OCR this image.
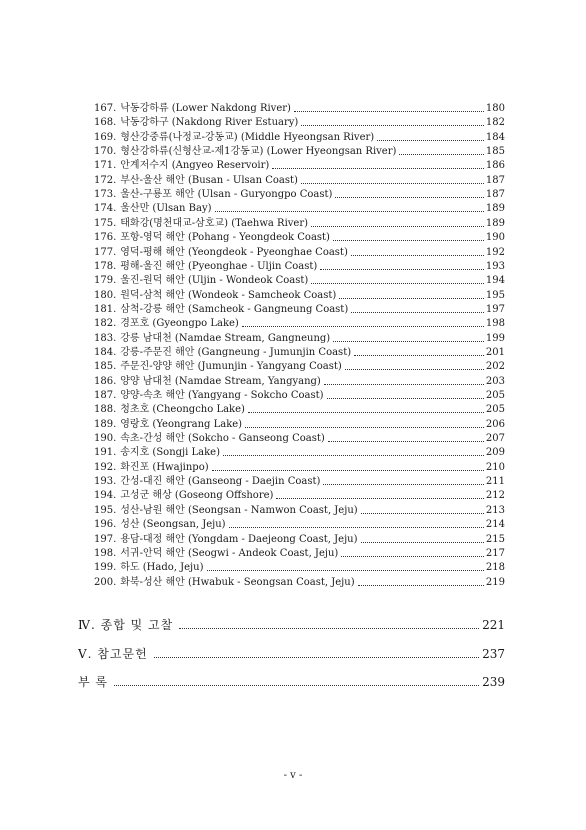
167. 낙동강하류 (Lower Nakdong River)	180
168. 낙동강하구 (Nakdong River Estuary)	182
169. 형산강중류(나정교-강동교) (Middle Hyeongsan River)	184
170. 형산강하류(신형산교-제1강동교) (Lower Hyeongsan River)	185
171. 안계저수지 (Angyeo Reservoir)	186
172. 부산-울산 해안 (Busan - Ulsan Coast)	187
173. 울산-구룡포 해안 (Ulsan - Guryongpo Coast)	187
174. 울산만 (Ulsan Bay)	189
175. 태화강(명천대교-삼호교) (Taehwa River)	189
176. 포항-영덕 해안 (Pohang - Yeongdeok Coast)	190
177. 영덕-평해 해안 (Yeongdeok - Pyeonghae Coast)	192
178. 평해-울진 해안 (Pyeonghae - Uljin Coast)	193
179. 울진-원덕 해안 (Uljin - Wondeok Coast)	194
180. 원덕-삼척 해안 (Wondeok - Samcheok Coast)	195
181. 삼척-강릉 해안 (Samcheok - Gangneung Coast)	197
182. 경포호 (Gyeongpo Lake)	198
183. 강릉 남대천 (Namdae Stream, Gangneung)	199
184. 강릉-주문진 해안 (Gangneung - Jumunjin Coast)	201
185. 주문진-양양 해안 (Jumunjin - Yangyang Coast)	202
186. 양양 남대천 (Namdae Stream, Yangyang)	203
187. 양양-속초 해안 (Yangyang - Sokcho Coast)	205
188. 청초호 (Cheongcho Lake)	205
189. 영랑호 (Yeongrang Lake)	206
190. 속초-간성 해안 (Sokcho - Ganseong Coast)	207
191. 송지호 (Songji Lake)	209
192. 화진포 (Hwajinpo)	210
193. 간성-대진 해안 (Ganseong - Daejin Coast)	211
194. 고성군 해상 (Goseong Offshore)	212
195. 성산-남원 해안 (Seongsan - Namwon Coast, Jeju)	213
196. 성산 (Seongsan, Jeju)	214
197. 용담-대정 해안 (Yongdam - Daejeong Coast, Jeju)	215
198. 서귀-안덕 해안 (Seogwi - Andeok Coast, Jeju)	217
199. 하도 (Hado, Jeju)	218
200. 화북-성산 해안 (Hwabuk - Seongsan Coast, Jeju)	219
Ⅳ. 종합 및 고찰	221
Ⅴ. 참고문헌	237
부 록	239
- v -
